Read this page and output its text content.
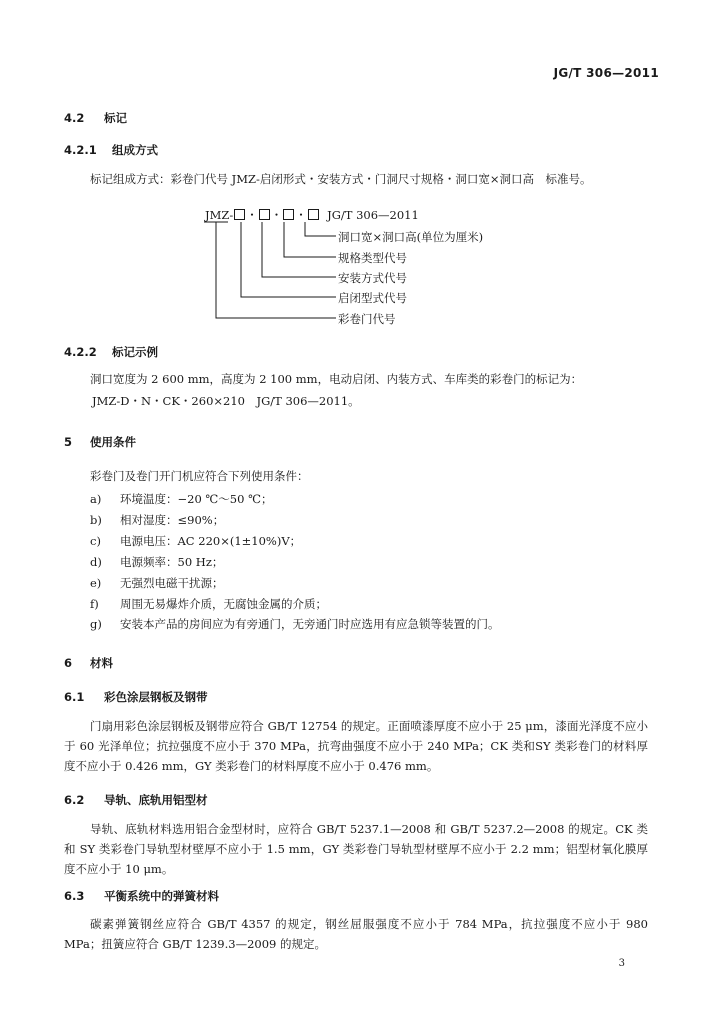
JG/T 306—2011
4.2 标记
4.2.1 组成方式
标记组成方式：彩卷门代号 JMZ-启闭形式・安装方式・门洞尺寸规格・洞口宽×洞口高　标准号。
JMZ- ・ ・ ・ JG/T 306—2011
洞口宽×洞口高(单位为厘米)
规格类型代号
安装方式代号
启闭型式代号
彩卷门代号
4.2.2 标记示例
洞口宽度为 2 600 mm，高度为 2 100 mm，电动启闭、内装方式、车库类的彩卷门的标记为：
JMZ-D・N・CK・260×210　JG/T 306—2011。
5 使用条件
彩卷门及卷门开门机应符合下列使用条件：
a) 环境温度：−20 ℃～50 ℃；
b) 相对湿度：≤90%；
c) 电源电压：AC 220×(1±10%)V；
d) 电源频率：50 Hz；
e) 无强烈电磁干扰源；
f) 周围无易爆炸介质，无腐蚀金属的介质；
g) 安装本产品的房间应为有旁通门，无旁通门时应选用有应急锁等装置的门。
6 材料
6.1 彩色涂层钢板及钢带
门扇用彩色涂层钢板及钢带应符合 GB/T 12754 的规定。正面喷漆厚度不应小于 25 μm，漆面光泽度不应小于 60 光泽单位；抗拉强度不应小于 370 MPa，抗弯曲强度不应小于 240 MPa；CK 类和SY 类彩卷门的材料厚度不应小于 0.426 mm，GY 类彩卷门的材料厚度不应小于 0.476 mm。
6.2 导轨、底轨用铝型材
导轨、底轨材料选用铝合金型材时，应符合 GB/T 5237.1—2008 和 GB/T 5237.2—2008 的规定。CK 类和 SY 类彩卷门导轨型材壁厚不应小于 1.5 mm，GY 类彩卷门导轨型材壁厚不应小于 2.2 mm；铝型材氧化膜厚度不应小于 10 μm。
6.3 平衡系统中的弹簧材料
碳素弹簧钢丝应符合 GB/T 4357 的规定，钢丝屈服强度不应小于 784 MPa，抗拉强度不应小于 980 MPa；扭簧应符合 GB/T 1239.3—2009 的规定。
3
